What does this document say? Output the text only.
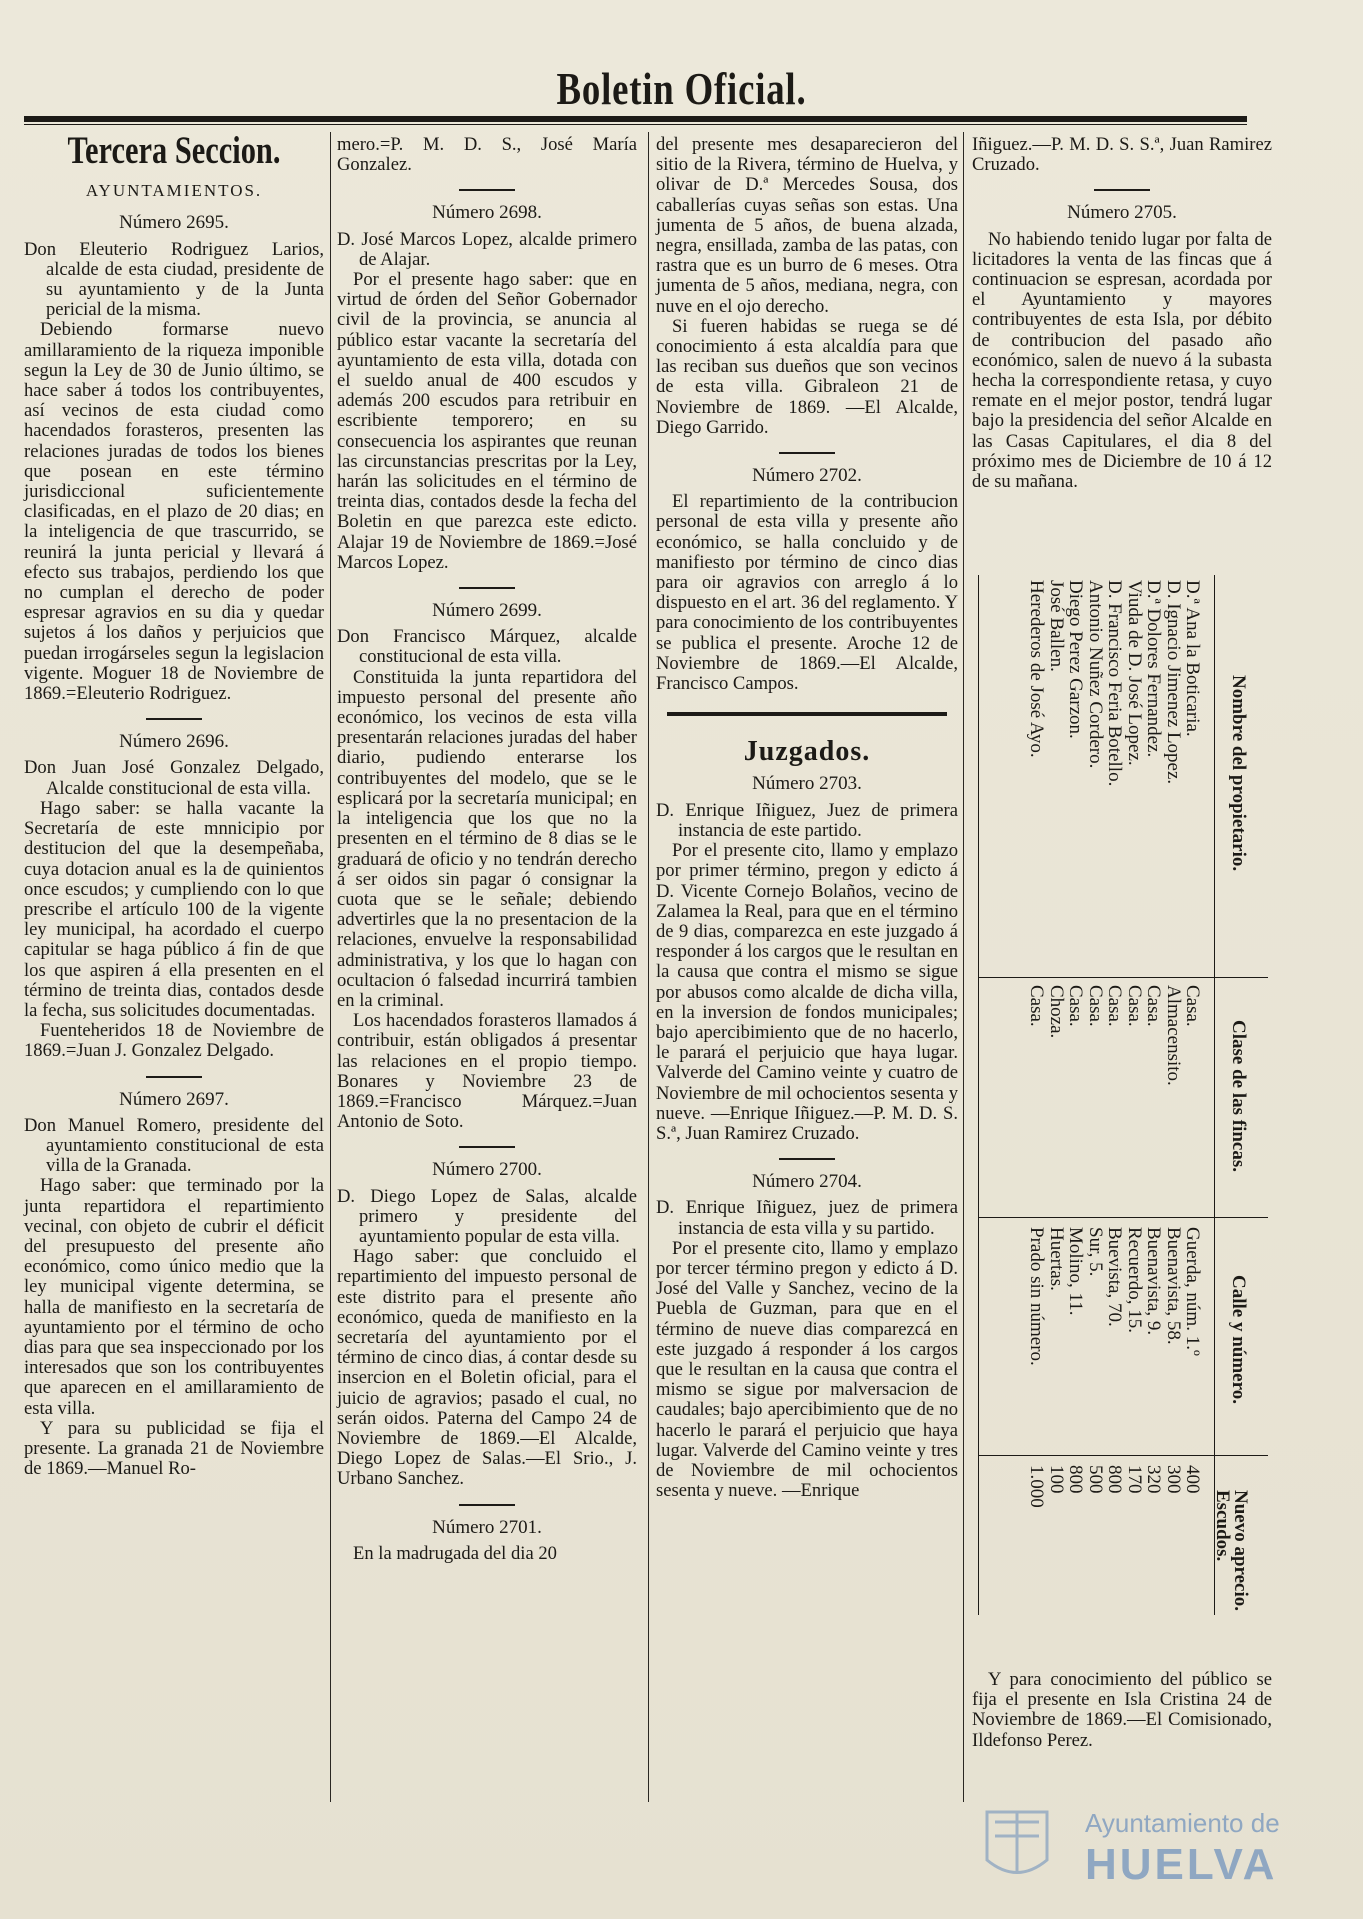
Boletin Oficial.
Tercera Seccion.
AYUNTAMIENTOS.
Número 2695.

Don Eleuterio Rodriguez Larios, alcalde de esta ciudad, presidente de su ayuntamiento y de la Junta pericial de la misma.

Debiendo formarse nuevo amillaramiento de la riqueza imponible segun la Ley de 30 de Junio último, se hace saber á todos los contribuyentes, así vecinos de esta ciudad como hacendados forasteros, presenten las relaciones juradas de todos los bienes que posean en este término jurisdiccional suficientemente clasificadas, en el plazo de 20 dias; en la inteligencia de que trascurrido, se reunirá la junta pericial y llevará á efecto sus trabajos, perdiendo los que no cumplan el derecho de poder espresar agravios en su dia y quedar sujetos á los daños y perjuicios que puedan irrogárseles segun la legislacion vigente. Moguer 18 de Noviembre de 1869.=Eleuterio Rodriguez.

Número 2696.

Don Juan José Gonzalez Delgado, Alcalde constitucional de esta villa.

Hago saber: se halla vacante la Secretaría de este mnnicipio por destitucion del que la desempeñaba, cuya dotacion anual es la de quinientos once escudos; y cumpliendo con lo que prescribe el artículo 100 de la vigente ley municipal, ha acordado el cuerpo capitular se haga público á fin de que los que aspiren á ella presenten en el término de treinta dias, contados desde la fecha, sus solicitudes documentadas.

Fuenteheridos 18 de Noviembre de 1869.=Juan J. Gonzalez Delgado.

Número 2697.

Don Manuel Romero, presidente del ayuntamiento constitucional de esta villa de la Granada.

Hago saber: que terminado por la junta repartidora el repartimiento vecinal, con objeto de cubrir el déficit del presupuesto del presente año económico, como único medio que la ley municipal vigente determina, se halla de manifiesto en la secretaría de ayuntamiento por el término de ocho dias para que sea inspeccionado por los interesados que son los contribuyentes que aparecen en el amillaramiento de esta villa.

Y para su publicidad se fija el presente. La granada 21 de Noviembre de 1869.—Manuel Ro-

mero.=P. M. D. S., José María Gonzalez.

Número 2698.

D. José Marcos Lopez, alcalde primero de Alajar.

Por el presente hago saber: que en virtud de órden del Señor Gobernador civil de la provincia, se anuncia al público estar vacante la secretaría del ayuntamiento de esta villa, dotada con el sueldo anual de 400 escudos y además 200 escudos para retribuir en escribiente temporero; en su consecuencia los aspirantes que reunan las circunstancias prescritas por la Ley, harán las solicitudes en el término de treinta dias, contados desde la fecha del Boletin en que parezca este edicto. Alajar 19 de Noviembre de 1869.=José Marcos Lopez.

Número 2699.

Don Francisco Márquez, alcalde constitucional de esta villa.

Constituida la junta repartidora del impuesto personal del presente año económico, los vecinos de esta villa presentarán relaciones juradas del haber diario, pudiendo enterarse los contribuyentes del modelo, que se le esplicará por la secretaría municipal; en la inteligencia que los que no la presenten en el término de 8 dias se le graduará de oficio y no tendrán derecho á ser oidos sin pagar ó consignar la cuota que se le señale; debiendo advertirles que la no presentacion de la relaciones, envuelve la responsabilidad administrativa, y los que lo hagan con ocultacion ó falsedad incurrirá tambien en la criminal.

Los hacendados forasteros llamados á contribuir, están obligados á presentar las relaciones en el propio tiempo. Bonares y Noviembre 23 de 1869.=Francisco Márquez.=Juan Antonio de Soto.

Número 2700.

D. Diego Lopez de Salas, alcalde primero y presidente del ayuntamiento popular de esta villa.

Hago saber: que concluido el repartimiento del impuesto personal de este distrito para el presente año económico, queda de manifiesto en la secretaría del ayuntamiento por el término de cinco dias, á contar desde su insercion en el Boletin oficial, para el juicio de agravios; pasado el cual, no serán oidos. Paterna del Campo 24 de Noviembre de 1869.—El Alcalde, Diego Lopez de Salas.—El Srio., J. Urbano Sanchez.

Número 2701.

En la madrugada del dia 20

del presente mes desaparecieron del sitio de la Rivera, término de Huelva, y olivar de D.ª Mercedes Sousa, dos caballerías cuyas señas son estas. Una jumenta de 5 años, de buena alzada, negra, ensillada, zamba de las patas, con rastra que es un burro de 6 meses. Otra jumenta de 5 años, mediana, negra, con nuve en el ojo derecho.

Si fueren habidas se ruega se dé conocimiento á esta alcaldía para que las reciban sus dueños que son vecinos de esta villa. Gibraleon 21 de Noviembre de 1869. —El Alcalde, Diego Garrido.

Número 2702.

El repartimiento de la contribucion personal de esta villa y presente año económico, se halla concluido y de manifiesto por término de cinco dias para oir agravios con arreglo á lo dispuesto en el art. 36 del reglamento. Y para conocimiento de los contribuyentes se publica el presente. Aroche 12 de Noviembre de 1869.—El Alcalde, Francisco Campos.

Juzgados.
Número 2703.

D. Enrique Iñiguez, Juez de primera instancia de este partido.

Por el presente cito, llamo y emplazo por primer término, pregon y edicto á D. Vicente Cornejo Bolaños, vecino de Zalamea la Real, para que en el término de 9 dias, comparezca en este juzgado á responder á los cargos que le resultan en la causa que contra el mismo se sigue por abusos como alcalde de dicha villa, en la inversion de fondos municipales; bajo apercibimiento que de no hacerlo, le parará el perjuicio que haya lugar. Valverde del Camino veinte y cuatro de Noviembre de mil ochocientos sesenta y nueve. —Enrique Iñiguez.—P. M. D. S. S.ª, Juan Ramirez Cruzado.

Número 2704.

D. Enrique Iñiguez, juez de primera instancia de esta villa y su partido.

Por el presente cito, llamo y emplazo por tercer término pregon y edicto á D. José del Valle y Sanchez, vecino de la Puebla de Guzman, para que en el término de nueve dias comparezcá en este juzgado á responder á los cargos que le resultan en la causa que contra el mismo se sigue por malversacion de caudales; bajo apercibimiento que de no hacerlo le parará el perjuicio que haya lugar. Valverde del Camino veinte y tres de Noviembre de mil ochocientos sesenta y nueve. —Enrique

Iñiguez.—P. M. D. S. S.ª, Juan Ramirez Cruzado.

Número 2705.

No habiendo tenido lugar por falta de licitadores la venta de las fincas que á continuacion se espresan, acordada por el Ayuntamiento y mayores contribuyentes de esta Isla, por débito de contribucion del pasado año económico, salen de nuevo á la subasta hecha la correspondiente retasa, y cuyo remate en el mejor postor, tendrá lugar bajo la presidencia del señor Alcalde en las Casas Capitulares, el dia 8 del próximo mes de Diciembre de 10 á 12 de su mañana.

Nombre del propietario.
Clase de las fincas.
Calle y número.
Nuevo aprecio.
Escudos.
D.ª Ana la Boticaria.
D. Ignacio Jimenez Lopez.
D.ª Dolores Fernandez.
Viuda de D. José Lopez.
D. Francisco Feria Botello.
Antonio Nuñez Cordero.
Diego Perez Garzon.
José Ballen.
Herederos de José Ayo.
Casa.
Almacensito.
Casa.
Casa.
Casa.
Casa.
Casa.
Choza.
Casa.
Guerda, núm. 1.º
Buenavista, 58.
Buenavista, 9.
Recuerdo, 15.
Buevista, 70.
Sur, 5.
Molino, 11.
Huertas.
Prado sin número.
400
300
320
170
800
500
800
100
1.000

Y para conocimiento del público se fija el presente en Isla Cristina 24 de Noviembre de 1869.—El Comisionado, Ildefonso Perez.

Ayuntamiento de
HUELVA
